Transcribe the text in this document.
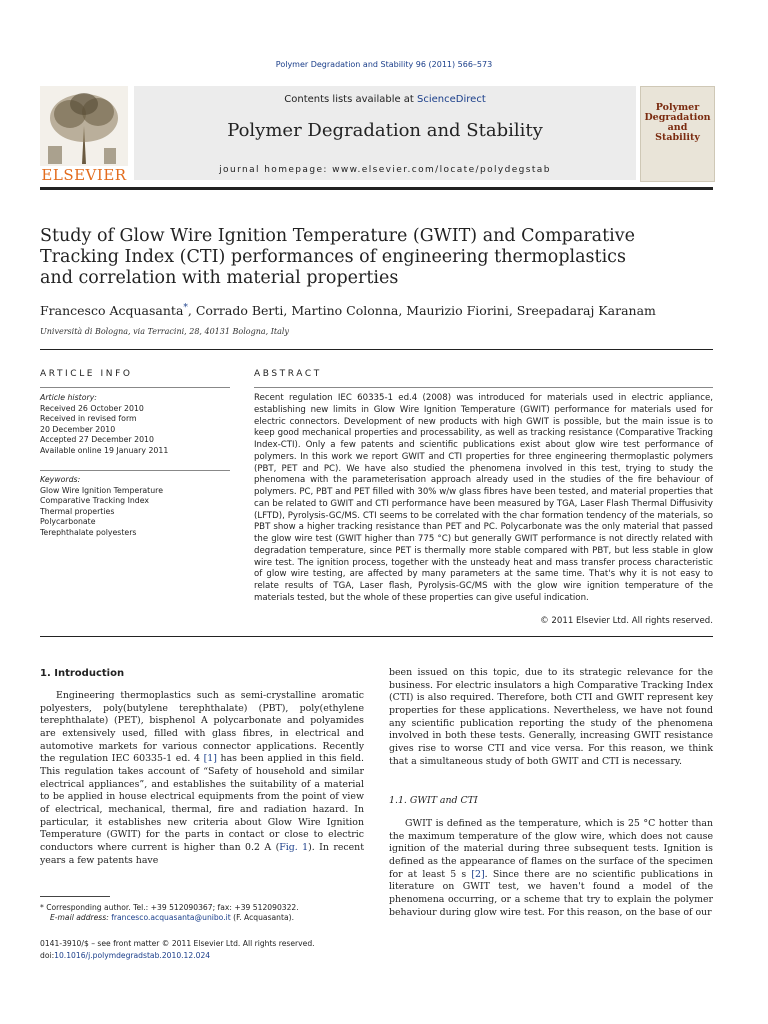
Polymer Degradation and Stability 96 (2011) 566–573
ELSEVIER
Contents lists available at ScienceDirect
Polymer Degradation and Stability
journal homepage: www.elsevier.com/locate/polydegstab
Polymer
Degradation
and
Stability
Study of Glow Wire Ignition Temperature (GWIT) and Comparative Tracking Index (CTI) performances of engineering thermoplastics and correlation with material properties
Francesco Acquasanta*, Corrado Berti, Martino Colonna, Maurizio Fiorini, Sreepadaraj Karanam
Università di Bologna, via Terracini, 28, 40131 Bologna, Italy
ARTICLE INFO	ABSTRACT
Article history:
Received 26 October 2010
Received in revised form
20 December 2010
Accepted 27 December 2010
Available online 19 January 2011
Keywords:
Glow Wire Ignition Temperature
Comparative Tracking Index
Thermal properties
Polycarbonate
Terephthalate polyesters
Recent regulation IEC 60335-1 ed.4 (2008) was introduced for materials used in electric appliance, establishing new limits in Glow Wire Ignition Temperature (GWIT) performance for materials used for electric connectors. Development of new products with high GWIT is possible, but the main issue is to keep good mechanical properties and processability, as well as tracking resistance (Comparative Tracking Index-CTI). Only a few patents and scientific publications exist about glow wire test performance of polymers. In this work we report GWIT and CTI properties for three engineering thermoplastic polymers (PBT, PET and PC). We have also studied the phenomena involved in this test, trying to study the phenomena with the parameterisation approach already used in the studies of the fire behaviour of polymers. PC, PBT and PET filled with 30% w/w glass fibres have been tested, and material properties that can be related to GWIT and CTI performance have been measured by TGA, Laser Flash Thermal Diffusivity (LFTD), Pyrolysis-GC/MS. CTI seems to be correlated with the char formation tendency of the materials, so PBT show a higher tracking resistance than PET and PC. Polycarbonate was the only material that passed the glow wire test (GWIT higher than 775 °C) but generally GWIT performance is not directly related with degradation temperature, since PET is thermally more stable compared with PBT, but less stable in glow wire test. The ignition process, together with the unsteady heat and mass transfer process characteristic of glow wire testing, are affected by many parameters at the same time. That's why it is not easy to relate results of TGA, Laser flash, Pyrolysis-GC/MS with the glow wire ignition temperature of the materials tested, but the whole of these properties can give useful indication.
© 2011 Elsevier Ltd. All rights reserved.
1. Introduction

Engineering thermoplastics such as semi-crystalline aromatic polyesters, poly(butylene terephthalate) (PBT), poly(ethylene terephthalate) (PET), bisphenol A polycarbonate and polyamides are extensively used, filled with glass fibres, in electrical and automotive markets for various connector applications. Recently the regulation IEC 60335-1 ed. 4 [1] has been applied in this field. This regulation takes account of “Safety of household and similar electrical appliances”, and establishes the suitability of a material to be applied in house electrical equipments from the point of view of electrical, mechanical, thermal, fire and radiation hazard. In particular, it establishes new criteria about Glow Wire Ignition Temperature (GWIT) for the parts in contact or close to electric conductors where current is higher than 0.2 A (Fig. 1). In recent years a few patents have

been issued on this topic, due to its strategic relevance for the business. For electric insulators a high Comparative Tracking Index (CTI) is also required. Therefore, both CTI and GWIT represent key properties for these applications. Nevertheless, we have not found any scientific publication reporting the study of the phenomena involved in both these tests. Generally, increasing GWIT resistance gives rise to worse CTI and vice versa. For this reason, we think that a simultaneous study of both GWIT and CTI is necessary.

1.1. GWIT and CTI

GWIT is defined as the temperature, which is 25 °C hotter than the maximum temperature of the glow wire, which does not cause ignition of the material during three subsequent tests. Ignition is defined as the appearance of flames on the surface of the specimen for at least 5 s [2]. Since there are no scientific publications in literature on GWIT test, we haven't found a model of the phenomena occurring, or a scheme that try to explain the polymer behaviour during glow wire test. For this reason, on the base of our

* Corresponding author. Tel.: +39 512090367; fax: +39 512090322.
E-mail address: francesco.acquasanta@unibo.it (F. Acquasanta).
0141-3910/$ – see front matter © 2011 Elsevier Ltd. All rights reserved.
doi:10.1016/j.polymdegradstab.2010.12.024
